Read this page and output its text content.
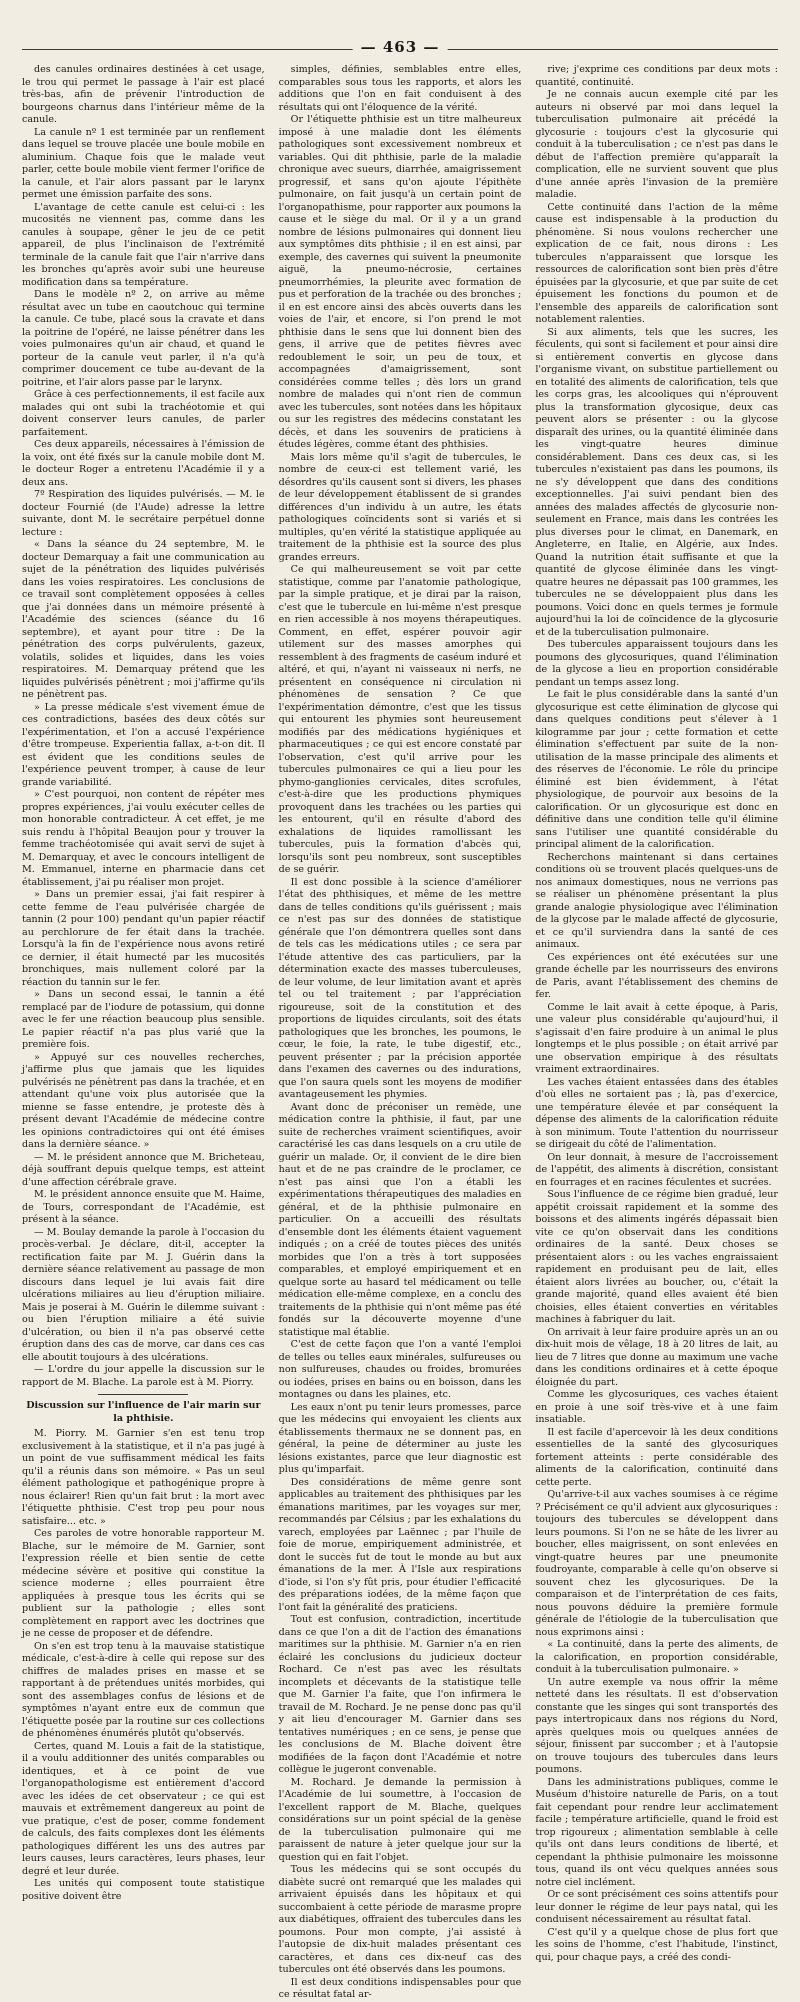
— 463 —

des canules ordinaires destinées à cet usage, le trou qui permet le passage à l'air est placé très-bas, afin de prévenir l'introduction de bourgeons charnus dans l'intérieur même de la canule.

La canule nº 1 est terminée par un renflement dans lequel se trouve placée une boule mobile en aluminium. Chaque fois que le malade veut parler, cette boule mobile vient fermer l'orifice de la canule, et l'air alors passant par le larynx permet une émission parfaite des sons.

L'avantage de cette canule est celui-ci : les mucosités ne viennent pas, comme dans les canules à soupape, gêner le jeu de ce petit appareil, de plus l'inclinaison de l'extrémité terminale de la canule fait que l'air n'arrive dans les bronches qu'après avoir subi une heureuse modification dans sa température.

Dans le modèle nº 2, on arrive au même résultat avec un tube en caoutchouc qui termine la canule. Ce tube, placé sous la cravate et dans la poitrine de l'opéré, ne laisse pénétrer dans les voies pulmonaires qu'un air chaud, et quand le porteur de la canule veut parler, il n'a qu'à comprimer doucement ce tube au-devant de la poitrine, et l'air alors passe par le larynx.

Grâce à ces perfectionnements, il est facile aux malades qui ont subi la trachéotomie et qui doivent conserver leurs canules, de parler parfaitement.

Ces deux appareils, nécessaires à l'émission de la voix, ont été fixés sur la canule mobile dont M. le docteur Roger a entretenu l'Académie il y a deux ans.

7º Respiration des liquides pulvérisés. — M. le docteur Fournié (de l'Aude) adresse la lettre suivante, dont M. le secrétaire perpétuel donne lecture :

« Dans la séance du 24 septembre, M. le docteur Demarquay a fait une communication au sujet de la pénétration des liquides pulvérisés dans les voies respiratoires. Les conclusions de ce travail sont complètement opposées à celles que j'ai données dans un mémoire présenté à l'Académie des sciences (séance du 16 septembre), et ayant pour titre : De la pénétration des corps pulvérulents, gazeux, volatils, solides et liquides, dans les voies respiratoires. M. Demarquay prétend que les liquides pulvérisés pénètrent ; moi j'affirme qu'ils ne pénètrent pas.

» La presse médicale s'est vivement émue de ces contradictions, basées des deux côtés sur l'expérimentation, et l'on a accusé l'expérience d'être trompeuse. Experientia fallax, a-t-on dit. Il est évident que les conditions seules de l'expérience peuvent tromper, à cause de leur grande variabilité.

» C'est pourquoi, non content de répéter mes propres expériences, j'ai voulu exécuter celles de mon honorable contradicteur. À cet effet, je me suis rendu à l'hôpital Beaujon pour y trouver la femme trachéotomisée qui avait servi de sujet à M. Demarquay, et avec le concours intelligent de M. Emmanuel, interne en pharmacie dans cet établissement, j'ai pu réaliser mon projet.

» Dans un premier essai, j'ai fait respirer à cette femme de l'eau pulvérisée chargée de tannin (2 pour 100) pendant qu'un papier réactif au perchlorure de fer était dans la trachée. Lorsqu'à la fin de l'expérience nous avons retiré ce dernier, il était humecté par les mucosités bronchiques, mais nullement coloré par la réaction du tannin sur le fer.

» Dans un second essai, le tannin a été remplacé par de l'iodure de potassium, qui donne avec le fer une réaction beaucoup plus sensible. Le papier réactif n'a pas plus varié que la première fois.

» Appuyé sur ces nouvelles recherches, j'affirme plus que jamais que les liquides pulvérisés ne pénètrent pas dans la trachée, et en attendant qu'une voix plus autorisée que la mienne se fasse entendre, je proteste dès à présent devant l'Académie de médecine contre les opinions contradictoires qui ont été émises dans la dernière séance. »

— M. le président annonce que M. Bricheteau, déjà souffrant depuis quelque temps, est atteint d'une affection cérébrale grave.

M. le président annonce ensuite que M. Haime, de Tours, correspondant de l'Académie, est présent à la séance.

— M. Boulay demande la parole à l'occasion du procès-verbal. Je déclare, dit-il, accepter la rectification faite par M. J. Guérin dans la dernière séance relativement au passage de mon discours dans lequel je lui avais fait dire ulcérations miliaires au lieu d'éruption miliaire. Mais je poserai à M. Guérin le dilemme suivant : ou bien l'éruption miliaire a été suivie d'ulcération, ou bien il n'a pas observé cette éruption dans des cas de morve, car dans ces cas elle aboutit toujours à des ulcérations.

— L'ordre du jour appelle la discussion sur le rapport de M. Blache. La parole est à M. Piorry.

Discussion sur l'influence de l'air marin sur la phthisie.

M. Piorry. M. Garnier s'en est tenu trop exclusivement à la statistique, et il n'a pas jugé à un point de vue suffisamment médical les faits qu'il a réunis dans son mémoire. « Pas un seul élément pathologique et pathogénique propre à nous éclairer! Rien qu'un fait brut : la mort avec l'étiquette phthisie. C'est trop peu pour nous satisfaire... etc. »

Ces paroles de votre honorable rapporteur M. Blache, sur le mémoire de M. Garnier, sont l'expression réelle et bien sentie de cette médecine sévère et positive qui constitue la science moderne ; elles pourraient être appliquées à presque tous les écrits qui se publient sur la pathologie ; elles sont complètement en rapport avec les doctrines que je ne cesse de proposer et de défendre.

On s'en est trop tenu à la mauvaise statistique médicale, c'est-à-dire à celle qui repose sur des chiffres de malades prises en masse et se rapportant à de prétendues unités morbides, qui sont des assemblages confus de lésions et de symptômes n'ayant entre eux de commun que l'étiquette posée par la routine sur ces collections de phénomènes énumérés plutôt qu'observés.

Certes, quand M. Louis a fait de la statistique, il a voulu additionner des unités comparables ou identiques, et à ce point de vue l'organopathologisme est entièrement d'accord avec les idées de cet observateur ; ce qui est mauvais et extrêmement dangereux au point de vue pratique, c'est de poser, comme fondement de calculs, des faits complexes dont les éléments pathologiques différent les uns des autres par leurs causes, leurs caractères, leurs phases, leur degré et leur durée.

Les unités qui composent toute statistique positive doivent être

simples, définies, semblables entre elles, comparables sous tous les rapports, et alors les additions que l'on en fait conduisent à des résultats qui ont l'éloquence de la vérité.

Or l'étiquette phthisie est un titre malheureux imposé à une maladie dont les éléments pathologiques sont excessivement nombreux et variables. Qui dit phthisie, parle de la maladie chronique avec sueurs, diarrhée, amaigrissement progressif, et sans qu'on ajoute l'épithète pulmonaire, on fait jusqu'à un certain point de l'organopathisme, pour rapporter aux poumons la cause et le siège du mal. Or il y a un grand nombre de lésions pulmonaires qui donnent lieu aux symptômes dits phthisie ; il en est ainsi, par exemple, des cavernes qui suivent la pneumonite aiguë, la pneumo-nécrosie, certaines pneumorrhémies, la pleurite avec formation de pus et perforation de la trachée ou des bronches ; il en est encore ainsi des abcès ouverts dans les voies de l'air, et encore, si l'on prend le mot phthisie dans le sens que lui donnent bien des gens, il arrive que de petites fièvres avec redoublement le soir, un peu de toux, et accompagnées d'amaigrissement, sont considérées comme telles ; dès lors un grand nombre de malades qui n'ont rien de commun avec les tubercules, sont notées dans les hôpitaux ou sur les registres des médecins constatant les décès, et dans les souvenirs de praticiens à études légères, comme étant des phthisies.

Mais lors même qu'il s'agit de tubercules, le nombre de ceux-ci est tellement varié, les désordres qu'ils causent sont si divers, les phases de leur développement établissent de si grandes différences d'un individu à un autre, les états pathologiques coïncidents sont si variés et si multiples, qu'en vérité la statistique appliquée au traitement de la phthisie est la source des plus grandes erreurs.

Ce qui malheureusement se voit par cette statistique, comme par l'anatomie pathologique, par la simple pratique, et je dirai par la raison, c'est que le tubercule en lui-même n'est presque en rien accessible à nos moyens thérapeutiques. Comment, en effet, espérer pouvoir agir utilement sur des masses amorphes qui ressemblent à des fragments de caséum induré et altéré, et qui, n'ayant ni vaisseaux ni nerfs, ne présentent en conséquence ni circulation ni phénomènes de sensation ? Ce que l'expérimentation démontre, c'est que les tissus qui entourent les phymies sont heureusement modifiés par des médications hygiéniques et pharmaceutiques ; ce qui est encore constaté par l'observation, c'est qu'il arrive pour les tubercules pulmonaires ce qui a lieu pour les phymo-ganglionies cervicales, dites scrofules, c'est-à-dire que les productions phymiques provoquent dans les trachées ou les parties qui les entourent, qu'il en résulte d'abord des exhalations de liquides ramollissant les tubercules, puis la formation d'abcès qui, lorsqu'ils sont peu nombreux, sont susceptibles de se guérir.

Il est donc possible à la science d'améliorer l'état des phthisiques, et même de les mettre dans de telles conditions qu'ils guérissent ; mais ce n'est pas sur des données de statistique générale que l'on démontrera quelles sont dans de tels cas les médications utiles ; ce sera par l'étude attentive des cas particuliers, par la détermination exacte des masses tuberculeuses, de leur volume, de leur limitation avant et après tel ou tel traitement ; par l'appréciation rigoureuse, soit de la constitution et des proportions de liquides circulants, soit des états pathologiques que les bronches, les poumons, le cœur, le foie, la rate, le tube digestif, etc., peuvent présenter ; par la précision apportée dans l'examen des cavernes ou des indurations, que l'on saura quels sont les moyens de modifier avantageusement les phymies.

Avant donc de préconiser un remède, une médication contre la phthisie, il faut, par une suite de recherches vraiment scientifiques, avoir caractérisé les cas dans lesquels on a cru utile de guérir un malade. Or, il convient de le dire bien haut et de ne pas craindre de le proclamer, ce n'est pas ainsi que l'on a établi les expérimentations thérapeutiques des maladies en général, et de la phthisie pulmonaire en particulier. On a accueilli des résultats d'ensemble dont les éléments étaient vaguement indiqués ; on a créé de toutes pièces des unités morbides que l'on a très à tort supposées comparables, et employé empiriquement et en quelque sorte au hasard tel médicament ou telle médication elle-même complexe, en a conclu des traitements de la phthisie qui n'ont même pas été fondés sur la découverte moyenne d'une statistique mal établie.

C'est de cette façon que l'on a vanté l'emploi de telles ou telles eaux minérales, sulfureuses ou non sulfureuses, chaudes ou froides, bromurées ou iodées, prises en bains ou en boisson, dans les montagnes ou dans les plaines, etc.

Les eaux n'ont pu tenir leurs promesses, parce que les médecins qui envoyaient les clients aux établissements thermaux ne se donnent pas, en général, la peine de déterminer au juste les lésions existantes, parce que leur diagnostic est plus qu'imparfait.

Des considérations de même genre sont applicables au traitement des phthisiques par les émanations maritimes, par les voyages sur mer, recommandés par Célsius ; par les exhalations du varech, employées par Laënnec ; par l'huile de foie de morue, empiriquement administrée, et dont le succès fut de tout le monde au but aux émanations de la mer. À l'Isle aux respirations d'iode, si l'on s'y fût pris, pour étudier l'efficacité des préparations iodées, de la même façon que l'ont fait la généralité des praticiens.

Tout est confusion, contradiction, incertitude dans ce que l'on a dit de l'action des émanations maritimes sur la phthisie. M. Garnier n'a en rien éclairé les conclusions du judicieux docteur Rochard. Ce n'est pas avec les résultats incomplets et décevants de la statistique telle que M. Garnier l'a faite, que l'on infirmera le travail de M. Rochard. Je ne pense donc pas qu'il y ait lieu d'encourager M. Garnier dans ses tentatives numériques ; en ce sens, je pense que les conclusions de M. Blache doivent être modifiées de la façon dont l'Académie et notre collègue le jugeront convenable.

M. Rochard. Je demande la permission à l'Académie de lui soumettre, à l'occasion de l'excellent rapport de M. Blache, quelques considérations sur un point spécial de la genèse de la tuberculisation pulmonaire qui me paraissent de nature à jeter quelque jour sur la question qui en fait l'objet.

Tous les médecins qui se sont occupés du diabète sucré ont remarqué que les malades qui arrivaient épuisés dans les hôpitaux et qui succombaient à cette période de marasme propre aux diabétiques, offraient des tubercules dans les poumons. Pour mon compte, j'ai assisté à l'autopsie de dix-huit malades présentant ces caractères, et dans ces dix-neuf cas des tubercules ont été observés dans les poumons.

Il est deux conditions indispensables pour que ce résultat fatal ar-

rive; j'exprime ces conditions par deux mots : quantité, continuité.

Je ne connais aucun exemple cité par les auteurs ni observé par moi dans lequel la tuberculisation pulmonaire ait précédé la glycosurie : toujours c'est la glycosurie qui conduit à la tuberculisation ; ce n'est pas dans le début de l'affection première qu'apparaît la complication, elle ne survient souvent que plus d'une année après l'invasion de la première maladie.

Cette continuité dans l'action de la même cause est indispensable à la production du phénomène. Si nous voulons rechercher une explication de ce fait, nous dirons : Les tubercules n'apparaissent que lorsque les ressources de calorification sont bien près d'être épuisées par la glycosurie, et que par suite de cet épuisement les fonctions du poumon et de l'ensemble des appareils de calorification sont notablement ralenties.

Si aux aliments, tels que les sucres, les féculents, qui sont si facilement et pour ainsi dire si entièrement convertis en glycose dans l'organisme vivant, on substitue partiellement ou en totalité des aliments de calorification, tels que les corps gras, les alcooliques qui n'éprouvent plus la transformation glycosique, deux cas peuvent alors se présenter : ou la glycose disparaît des urines, ou la quantité éliminée dans les vingt-quatre heures diminue considérablement. Dans ces deux cas, si les tubercules n'existaient pas dans les poumons, ils ne s'y développent que dans des conditions exceptionnelles. J'ai suivi pendant bien des années des malades affectés de glycosurie non-seulement en France, mais dans les contrées les plus diverses pour le climat, en Danemark, en Angleterre, en Italie, en Algérie, aux Indes. Quand la nutrition était suffisante et que la quantité de glycose éliminée dans les vingt-quatre heures ne dépassait pas 100 grammes, les tubercules ne se développaient plus dans les poumons. Voici donc en quels termes je formule aujourd'hui la loi de coïncidence de la glycosurie et de la tuberculisation pulmonaire.

Des tubercules apparaissent toujours dans les poumons des glycosuriques, quand l'élimination de la glycose a lieu en proportion considérable pendant un temps assez long.

Le fait le plus considérable dans la santé d'un glycosurique est cette élimination de glycose qui dans quelques conditions peut s'élever à 1 kilogramme par jour ; cette formation et cette élimination s'effectuent par suite de la non-utilisation de la masse principale des aliments et des réserves de l'économie. Le rôle du principe éliminé est bien évidemment, à l'état physiologique, de pourvoir aux besoins de la calorification. Or un glycosurique est donc en définitive dans une condition telle qu'il élimine sans l'utiliser une quantité considérable du principal aliment de la calorification.

Recherchons maintenant si dans certaines conditions où se trouvent placés quelques-uns de nos animaux domestiques, nous ne verrions pas se réaliser un phénomène présentant la plus grande analogie physiologique avec l'élimination de la glycose par le malade affecté de glycosurie, et ce qu'il surviendra dans la santé de ces animaux.

Ces expériences ont été exécutées sur une grande échelle par les nourrisseurs des environs de Paris, avant l'établissement des chemins de fer.

Comme le lait avait à cette époque, à Paris, une valeur plus considérable qu'aujourd'hui, il s'agissait d'en faire produire à un animal le plus longtemps et le plus possible ; on était arrivé par une observation empirique à des résultats vraiment extraordinaires.

Les vaches étaient entassées dans des étables d'où elles ne sortaient pas ; là, pas d'exercice, une température élevée et par conséquent la dépense des aliments de la calorification réduite à son minimum. Toute l'attention du nourrisseur se dirigeait du côté de l'alimentation.

On leur donnait, à mesure de l'accroissement de l'appétit, des aliments à discrétion, consistant en fourrages et en racines féculentes et sucrées.

Sous l'influence de ce régime bien gradué, leur appétit croissait rapidement et la somme des boissons et des aliments ingérés dépassait bien vite ce qu'on observait dans les conditions ordinaires de la santé. Deux choses se présentaient alors : ou les vaches engraissaient rapidement en produisant peu de lait, elles étaient alors livrées au boucher, ou, c'était la grande majorité, quand elles avaient été bien choisies, elles étaient converties en véritables machines à fabriquer du lait.

On arrivait à leur faire produire après un an ou dix-huit mois de vêlage, 18 à 20 litres de lait, au lieu de 7 litres que donne au maximum une vache dans les conditions ordinaires et à cette époque éloignée du part.

Comme les glycosuriques, ces vaches étaient en proie à une soif très-vive et à une faim insatiable.

Il est facile d'apercevoir là les deux conditions essentielles de la santé des glycosuriques fortement atteints : perte considérable des aliments de la calorification, continuité dans cette perte.

Qu'arrive-t-il aux vaches soumises à ce régime ? Précisément ce qu'il advient aux glycosuriques : toujours des tubercules se développent dans leurs poumons. Si l'on ne se hâte de les livrer au boucher, elles maigrissent, on sont enlevées en vingt-quatre heures par une pneumonite foudroyante, comparable à celle qu'on observe si souvent chez les glycosuriques. De la comparaison et de l'interprétation de ces faits, nous pouvons déduire la première formule générale de l'étiologie de la tuberculisation que nous exprimons ainsi :

« La continuité, dans la perte des aliments, de la calorification, en proportion considérable, conduit à la tuberculisation pulmonaire. »

Un autre exemple va nous offrir la même netteté dans les résultats. Il est d'observation constante que les singes qui sont transportés des pays intertropicaux dans nos régions du Nord, après quelques mois ou quelques années de séjour, finissent par succomber ; et à l'autopsie on trouve toujours des tubercules dans leurs poumons.

Dans les administrations publiques, comme le Muséum d'histoire naturelle de Paris, on a tout fait cependant pour rendre leur acclimatement facile ; température artificielle, quand le froid est trop rigoureux ; alimentation semblable à celle qu'ils ont dans leurs conditions de liberté, et cependant la phthisie pulmonaire les moissonne tous, quand ils ont vécu quelques années sous notre ciel inclément.

Or ce sont précisément ces soins attentifs pour leur donner le régime de leur pays natal, qui les conduisent nécessairement au résultat fatal.

C'est qu'il y a quelque chose de plus fort que les soins de l'homme, c'est l'habitude, l'instinct, qui, pour chaque pays, a créé des condi-
